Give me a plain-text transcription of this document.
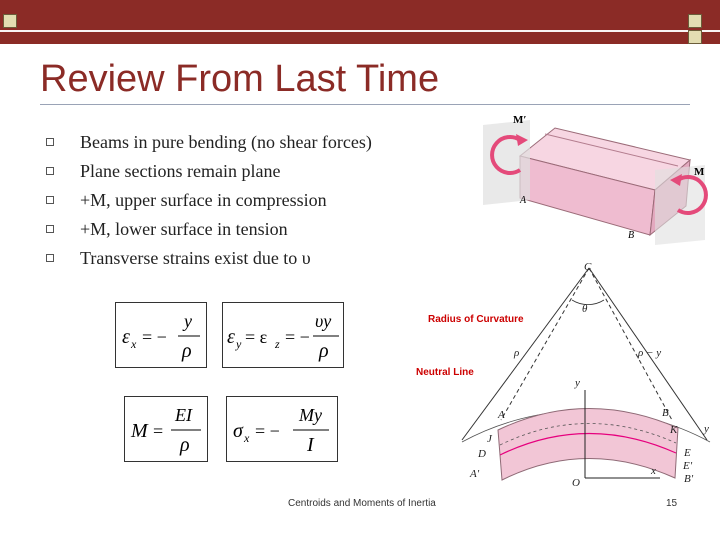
Review From Last Time
Beams in pure bending (no shear forces)
Plane sections remain plane
+M, upper surface in compression
+M, lower surface in tension
Transverse strains exist due to υ
ε x = −
y
ρ
ε y = ε z = −
υy
ρ
M =
EI
ρ
σ x = −
My
I
M′
M
A
B
C
θ
ρ	ρ − y
y
A	B
J
K
D	E
A′	B′
E′
O
x
y
Radius of Curvature
Neutral Line
Centroids and Moments of Inertia	15
